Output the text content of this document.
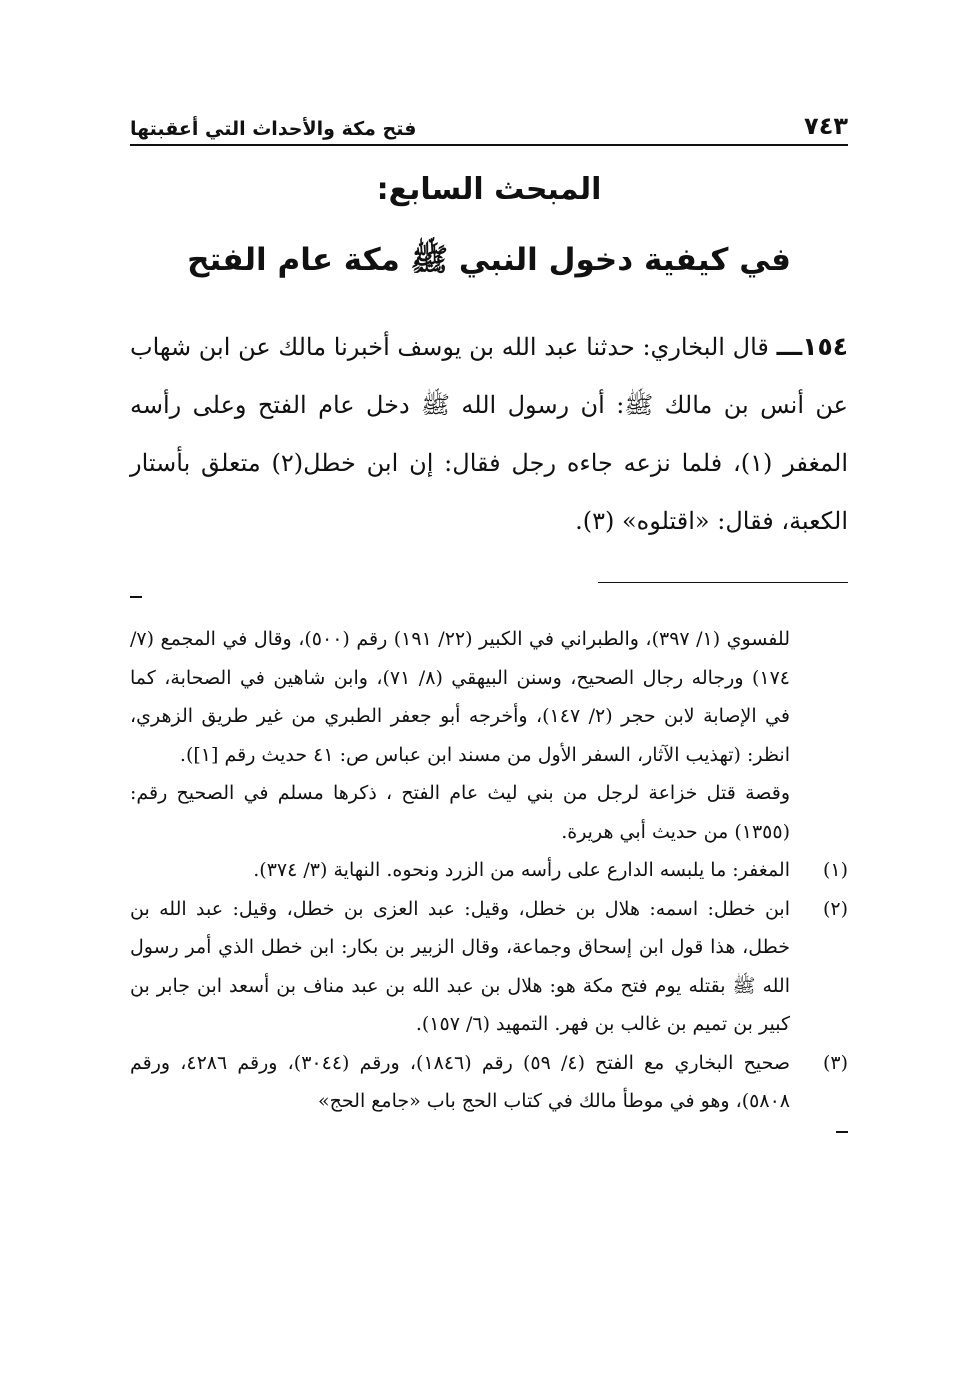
٧٤٣
فتح مكة والأحداث التي أعقبتها
المبحث السابع:
في كيفية دخول النبي ﷺ مكة عام الفتح
١٥٤ـــ قال البخاري: حدثنا عبد الله بن يوسف أخبرنا مالك عن ابن شهاب عن أنس بن مالك ﷺ: أن رسول الله ﷺ دخل عام الفتح وعلى رأسه المغفر (١)، فلما نزعه جاءه رجل فقال: إن ابن خطل(٢) متعلق بأستار الكعبة، فقال: «اقتلوه» (٣).

للفسوي (١/ ٣٩٧)، والطبراني في الكبير (٢٢/ ١٩١) رقم (٥٠٠)، وقال في المجمع (٧/ ١٧٤) ورجاله رجال الصحيح، وسنن البيهقي (٨/ ٧١)، وابن شاهين في الصحابة، كما في الإصابة لابن حجر (٢/ ١٤٧)، وأخرجه أبو جعفر الطبري من غير طريق الزهري، انظر: (تهذيب الآثار، السفر الأول من مسند ابن عباس ص: ٤١ حديث رقم [١]).

وقصة قتل خزاعة لرجل من بني ليث عام الفتح ، ذكرها مسلم في الصحيح رقم: (١٣٥٥) من حديث أبي هريرة.

(١)
المغفر: ما يلبسه الدارع على رأسه من الزرد ونحوه. النهاية (٣/ ٣٧٤).
(٢)
ابن خطل: اسمه: هلال بن خطل، وقيل: عبد العزى بن خطل، وقيل: عبد الله بن خطل، هذا قول ابن إسحاق وجماعة، وقال الزبير بن بكار: ابن خطل الذي أمر رسول الله ﷺ بقتله يوم فتح مكة هو: هلال بن عبد الله بن عبد مناف بن أسعد ابن جابر بن كبير بن تميم بن غالب بن فهر. التمهيد (٦/ ١٥٧).
(٣)
صحيح البخاري مع الفتح (٤/ ٥٩) رقم (١٨٤٦)، ورقم (٣٠٤٤)، ورقم ٤٢٨٦، ورقم ٥٨٠٨)، وهو في موطأ مالك في كتاب الحج باب «جامع الحج»
